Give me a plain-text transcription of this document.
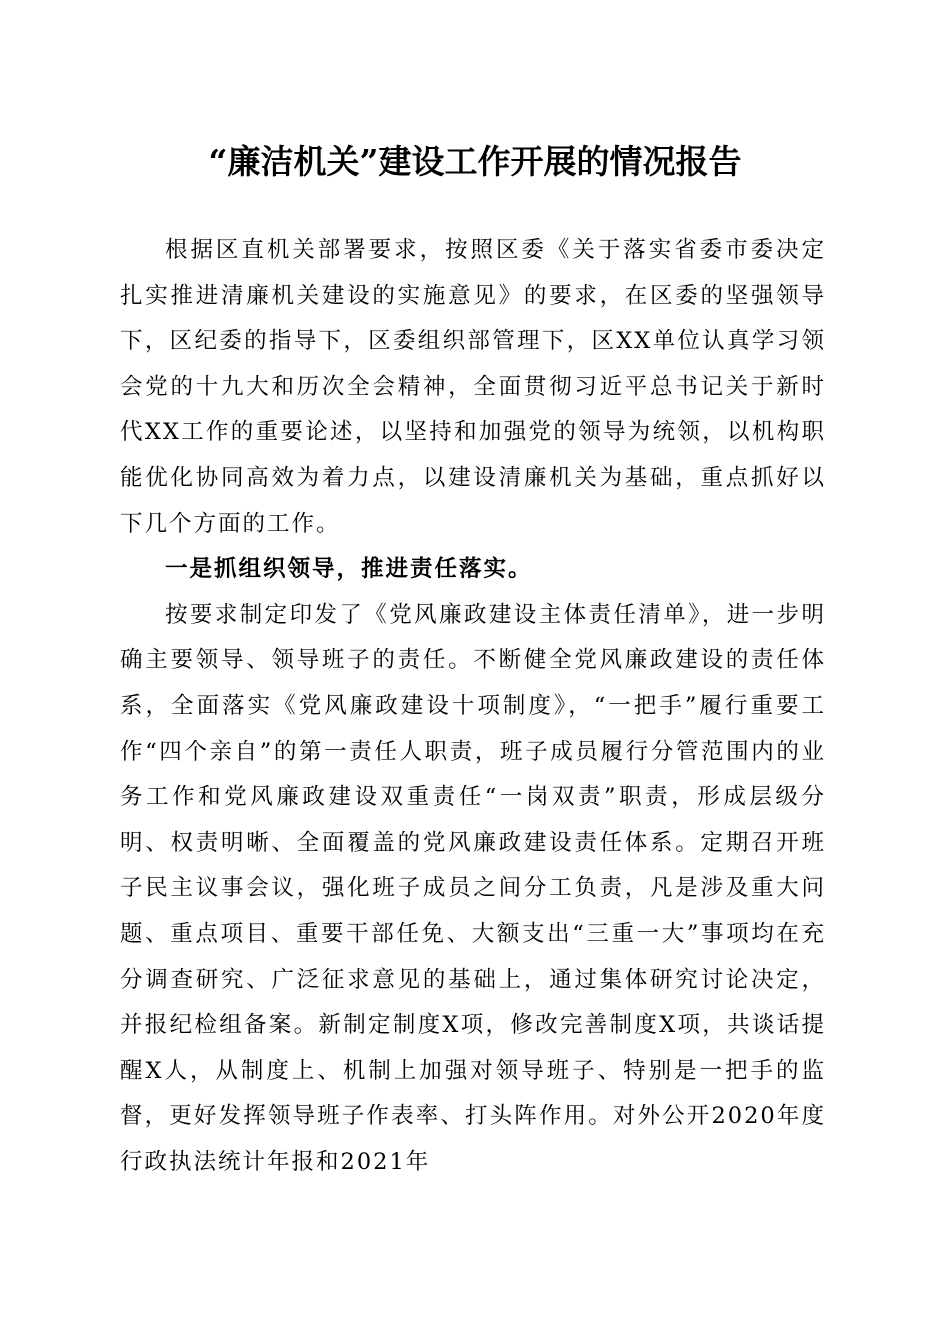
“廉洁机关”建设工作开展的情况报告

根据区直机关部署要求，按照区委《关于落实省委市委决定扎实推进清廉机关建设的实施意见》的要求，在区委的坚强领导下，区纪委的指导下，区委组织部管理下，区XX单位认真学习领会党的十九大和历次全会精神，全面贯彻习近平总书记关于新时代XX工作的重要论述，以坚持和加强党的领导为统领，以机构职能优化协同高效为着力点，以建设清廉机关为基础，重点抓好以下几个方面的工作。

一是抓组织领导，推进责任落实。

按要求制定印发了《党风廉政建设主体责任清单》，进一步明确主要领导、领导班子的责任。不断健全党风廉政建设的责任体系，全面落实《党风廉政建设十项制度》，“一把手”履行重要工作“四个亲自”的第一责任人职责，班子成员履行分管范围内的业务工作和党风廉政建设双重责任“一岗双责”职责，形成层级分明、权责明晰、全面覆盖的党风廉政建设责任体系。定期召开班子民主议事会议，强化班子成员之间分工负责，凡是涉及重大问题、重点项目、重要干部任免、大额支出“三重一大”事项均在充分调查研究、广泛征求意见的基础上，通过集体研究讨论决定，并报纪检组备案。新制定制度X项，修改完善制度X项，共谈话提醒X人，从制度上、机制上加强对领导班子、特别是一把手的监督，更好发挥领导班子作表率、打头阵作用。对外公开2020年度行政执法统计年报和2021年
